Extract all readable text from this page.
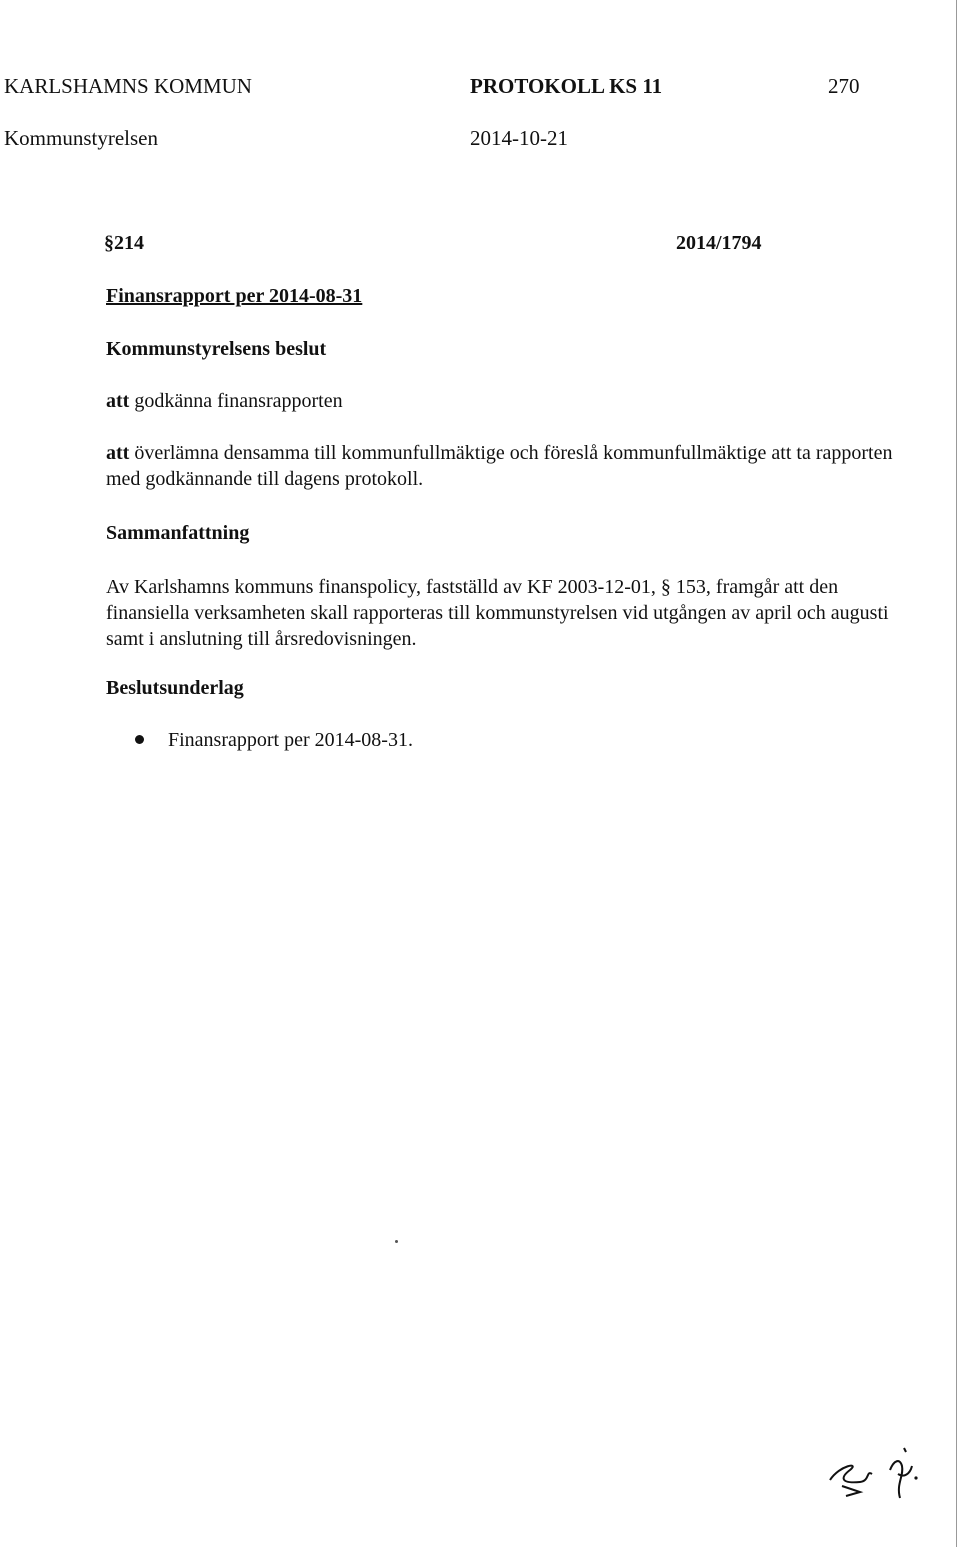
KARLSHAMNS KOMMUN	PROTOKOLL KS 11	270
Kommunstyrelsen	2014-10-21
§214	2014/1794
Finansrapport per 2014-08-31
Kommunstyrelsens beslut
att godkänna finansrapporten
att överlämna densamma till kommunfullmäktige och föreslå kommunfullmäktige att ta rapporten med godkännande till dagens protokoll.
Sammanfattning
Av Karlshamns kommuns finanspolicy, fastställd av KF 2003-12-01, § 153, framgår att den finansiella verksamheten skall rapporteras till kommunstyrelsen vid utgången av april och augusti samt i anslutning till årsredovisningen.
Beslutsunderlag
Finansrapport per 2014-08-31.
